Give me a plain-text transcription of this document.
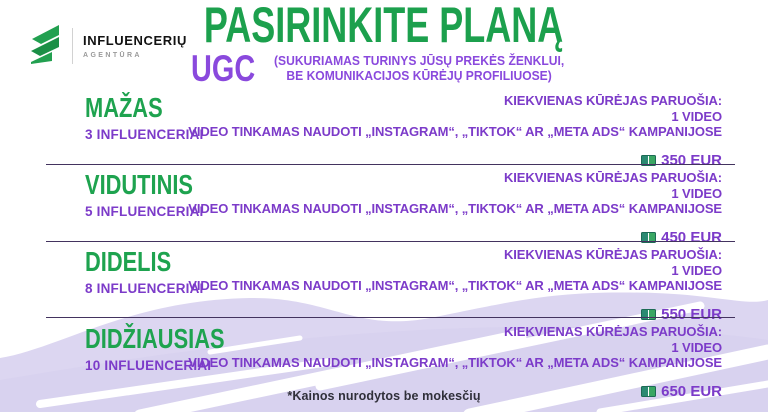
INFLUENCERIŲ
AGENTŪRA
PASIRINKITE PLANĄ
UGC (SUKURIAMAS TURINYS JŪSŲ PREKĖS ŽENKLUI,
BE KOMUNIKACIJOS KŪRĖJŲ PROFILIUOSE)
MAŽAS
3 INFLUENCERIAI
KIEKVIENAS KŪRĖJAS PARUOŠIA:
1 VIDEO
VIDEO TINKAMAS NAUDOTI „INSTAGRAM“, „TIKTOK“ AR „META ADS“ KAMPANIJOSE
350 EUR
VIDUTINIS
5 INFLUENCERIAI
KIEKVIENAS KŪRĖJAS PARUOŠIA:
1 VIDEO
VIDEO TINKAMAS NAUDOTI „INSTAGRAM“, „TIKTOK“ AR „META ADS“ KAMPANIJOSE
450 EUR
DIDELIS
8 INFLUENCERIAI
KIEKVIENAS KŪRĖJAS PARUOŠIA:
1 VIDEO
VIDEO TINKAMAS NAUDOTI „INSTAGRAM“, „TIKTOK“ AR „META ADS“ KAMPANIJOSE
550 EUR
DIDŽIAUSIAS
10 INFLUENCERIAI
KIEKVIENAS KŪRĖJAS PARUOŠIA:
1 VIDEO
VIDEO TINKAMAS NAUDOTI „INSTAGRAM“, „TIKTOK“ AR „META ADS“ KAMPANIJOSE
650 EUR
*Kainos nurodytos be mokesčių
